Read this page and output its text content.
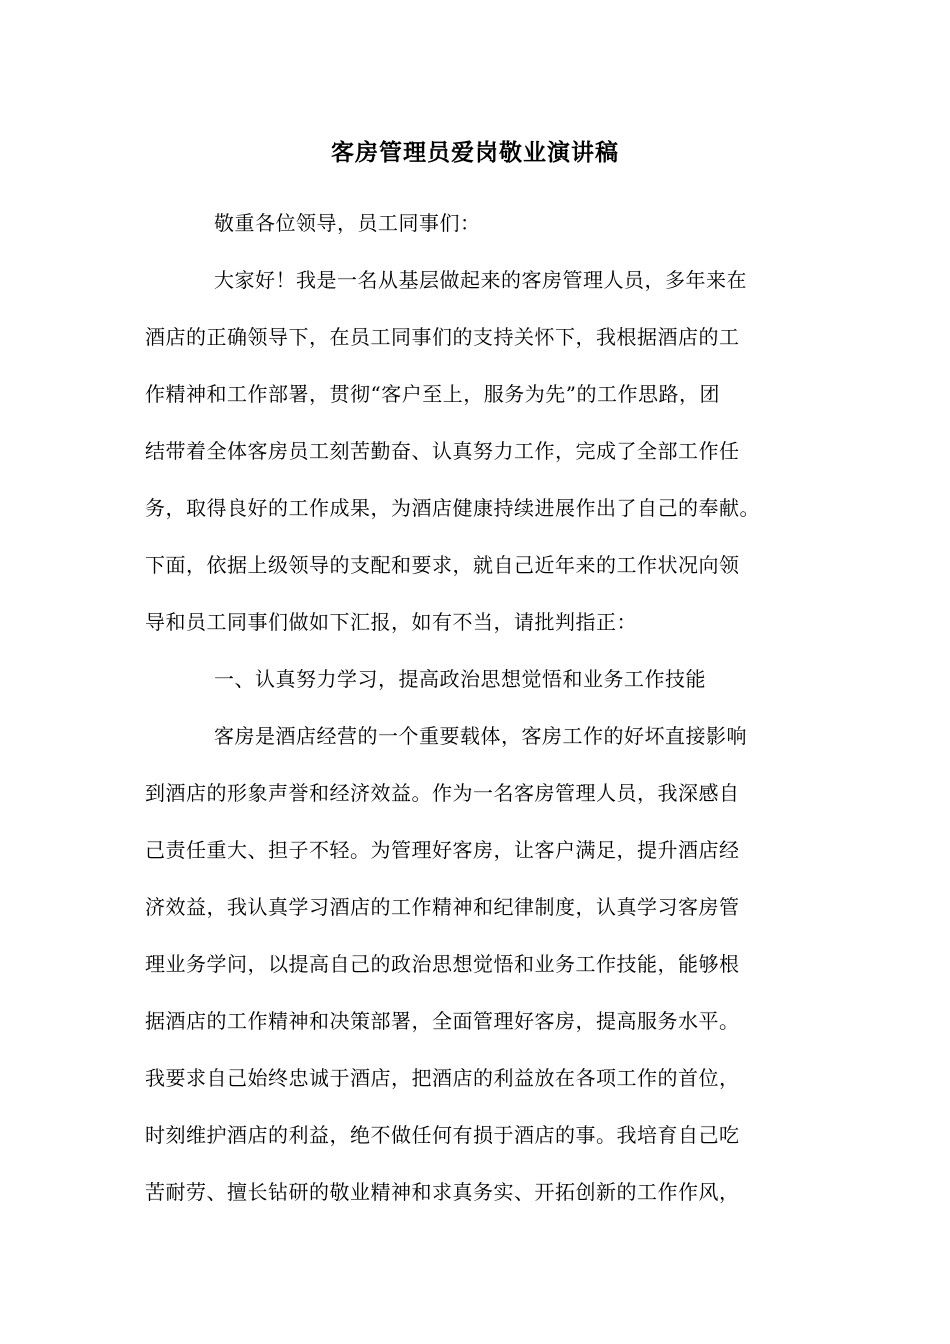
客房管理员爱岗敬业演讲稿
敬重各位领导，员工同事们：
大家好！我是一名从基层做起来的客房管理人员，多年来在
酒店的正确领导下，在员工同事们的支持关怀下，我根据酒店的工
作精神和工作部署，贯彻“客户至上，服务为先”的工作思路，团
结带着全体客房员工刻苦勤奋、认真努力工作，完成了全部工作任
务，取得良好的工作成果，为酒店健康持续进展作出了自己的奉献。
下面，依据上级领导的支配和要求，就自己近年来的工作状况向领
导和员工同事们做如下汇报，如有不当，请批判指正：
一、认真努力学习，提高政治思想觉悟和业务工作技能
客房是酒店经营的一个重要载体，客房工作的好坏直接影响
到酒店的形象声誉和经济效益。作为一名客房管理人员，我深感自
己责任重大、担子不轻。为管理好客房，让客户满足，提升酒店经
济效益，我认真学习酒店的工作精神和纪律制度，认真学习客房管
理业务学问，以提高自己的政治思想觉悟和业务工作技能，能够根
据酒店的工作精神和决策部署，全面管理好客房，提高服务水平。
我要求自己始终忠诚于酒店，把酒店的利益放在各项工作的首位，
时刻维护酒店的利益，绝不做任何有损于酒店的事。我培育自己吃
苦耐劳、擅长钻研的敬业精神和求真务实、开拓创新的工作作风，
